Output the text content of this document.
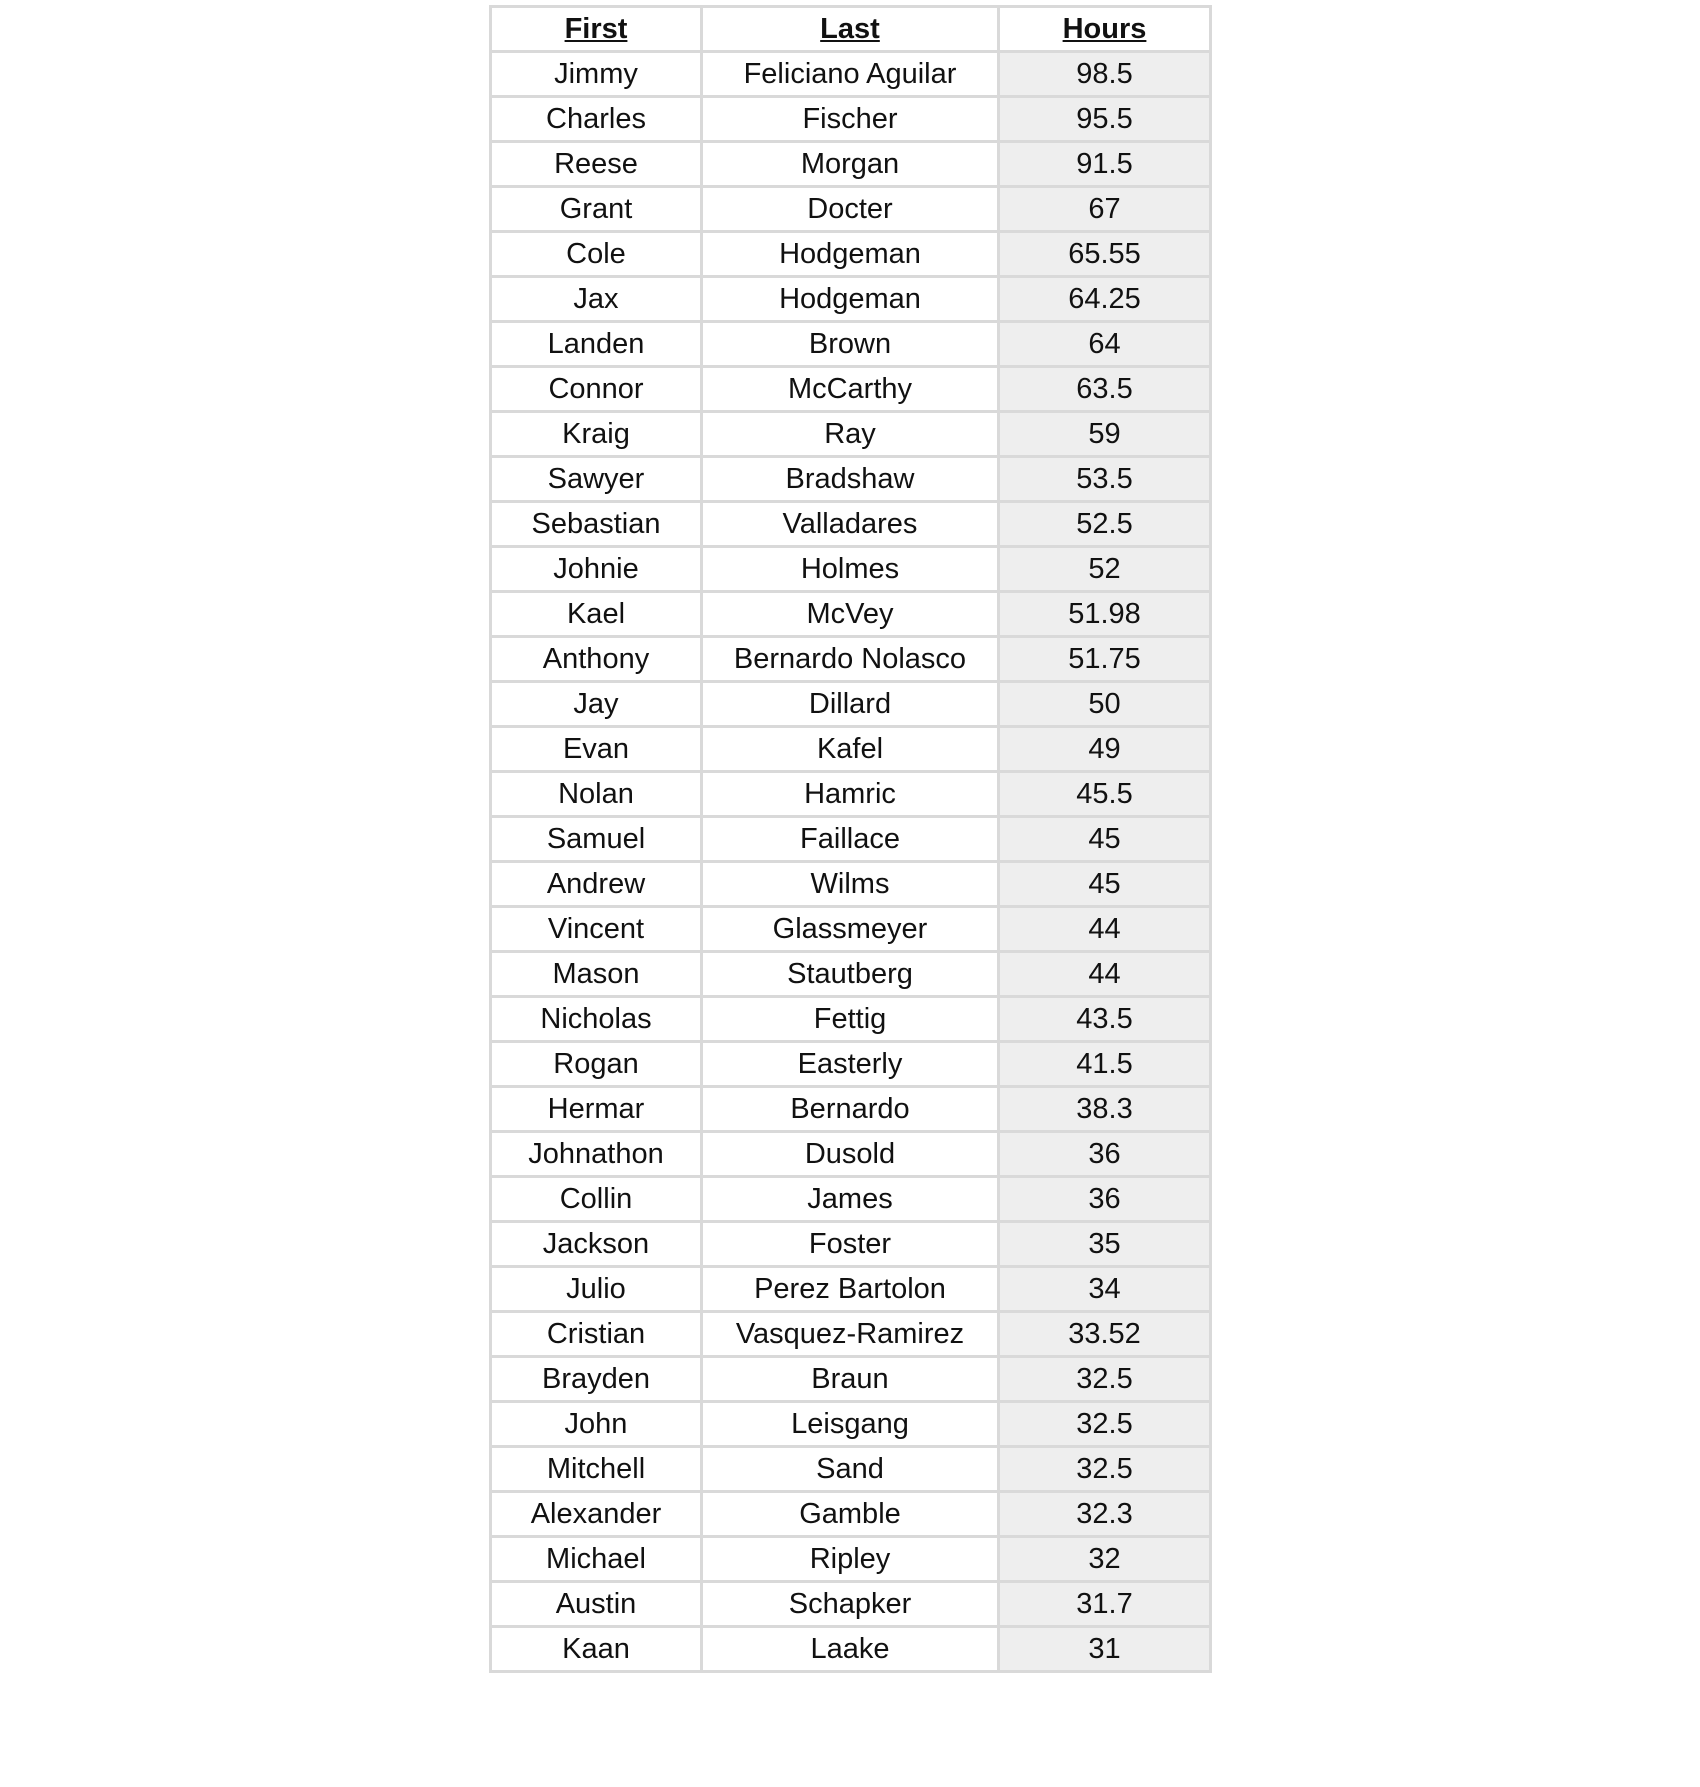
First	Last	Hours
Jimmy	Feliciano Aguilar	98.5
Charles	Fischer	95.5
Reese	Morgan	91.5
Grant	Docter	67
Cole	Hodgeman	65.55
Jax	Hodgeman	64.25
Landen	Brown	64
Connor	McCarthy	63.5
Kraig	Ray	59
Sawyer	Bradshaw	53.5
Sebastian	Valladares	52.5
Johnie	Holmes	52
Kael	McVey	51.98
Anthony	Bernardo Nolasco	51.75
Jay	Dillard	50
Evan	Kafel	49
Nolan	Hamric	45.5
Samuel	Faillace	45
Andrew	Wilms	45
Vincent	Glassmeyer	44
Mason	Stautberg	44
Nicholas	Fettig	43.5
Rogan	Easterly	41.5
Hermar	Bernardo	38.3
Johnathon	Dusold	36
Collin	James	36
Jackson	Foster	35
Julio	Perez Bartolon	34
Cristian	Vasquez-Ramirez	33.52
Brayden	Braun	32.5
John	Leisgang	32.5
Mitchell	Sand	32.5
Alexander	Gamble	32.3
Michael	Ripley	32
Austin	Schapker	31.7
Kaan	Laake	31
